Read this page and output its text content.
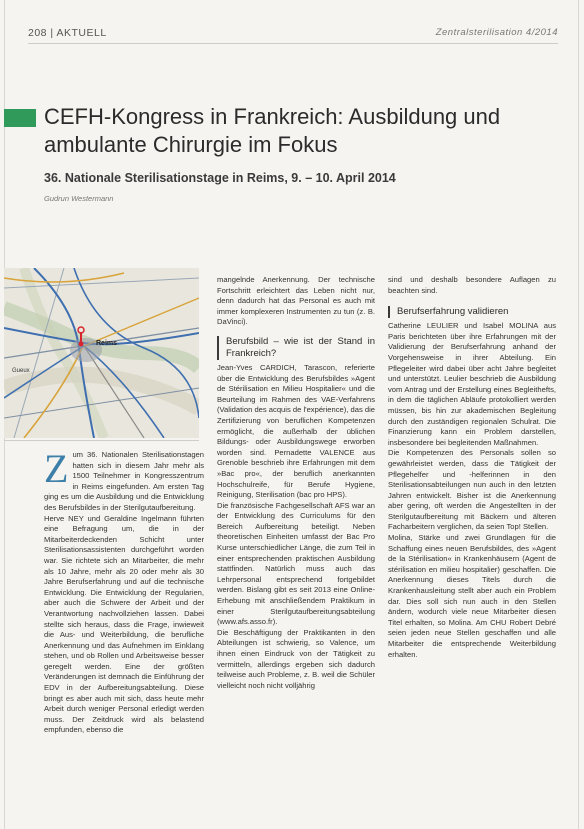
208 | AKTUELL	Zentralsterilisation 4/2014
CEFH-Kongress in Frankreich: Ausbildung und ambulante Chirurgie im Fokus
36. Nationale Sterilisationstage in Reims, 9. – 10. April 2014
Gudrun Westermann
Reims
Gueux
Z um 36. Nationalen Sterilisationstagen hatten sich in diesem Jahr mehr als 1500 Teilnehmer in Kongresszentrum in Reims eingefunden. Am ersten Tag ging es um die Ausbildung und die Entwicklung des Berufsbildes in der Sterilgutaufbereitung.

Herve NEY und Geraldine Ingelmann führten eine Befragung um, die in der Mitarbeiterdeckenden Schicht unter Sterilisationsassistenten durchgeführt worden war. Sie richtete sich an Mitarbeiter, die mehr als 10 Jahre, mehr als 20 oder mehr als 30 Jahre Berufserfahrung und auf die technische Entwicklung. Die Entwicklung der Regularien, aber auch die Schwere der Arbeit und der Verantwortung nachvollziehen lassen. Dabei stellte sich heraus, dass die Frage, inwieweit die Aus- und Weiterbildung, die berufliche Anerkennung und das Aufnehmen im Einklang stehen, und ob Rollen und Arbeitsweise besser geregelt werden. Eine der größten Veränderungen ist demnach die Einführung der EDV in der Aufbereitungsabteilung. Diese bringt es aber auch mit sich, dass heute mehr Arbeit durch weniger Personal erledigt werden muss. Der Zeitdruck wird als belastend empfunden, ebenso die

mangelnde Anerkennung. Der technische Fortschritt erleichtert das Leben nicht nur, denn dadurch hat das Personal es auch mit immer komplexeren Instrumenten zu tun (z. B. DaVinci).

Berufsbild – wie ist der Stand in Frankreich?

Jean-Yves CARDICH, Tarascon, referierte über die Entwicklung des Berufsbildes »Agent de Stérilisation en Milieu Hospitalier« und die Beurteilung im Rahmen des VAE-Verfahrens (Validation des acquis de l'expérience), das die Zertifizierung von beruflichen Kompetenzen ermöglicht, die außerhalb der üblichen Bildungs- oder Ausbildungswege erworben worden sind. Pernadette VALENCE aus Grenoble beschrieb ihre Erfahrungen mit dem »Bac pro«, der beruflich anerkannten Hochschulreife, für Berufe Hygiene, Reinigung, Sterilisation (bac pro HPS).

Die französische Fachgesellschaft AFS war an der Entwicklung des Curriculums für den Bereich Aufbereitung beteiligt. Neben theoretischen Einheiten umfasst der Bac Pro Kurse unterschiedlicher Länge, die zum Teil in einer entsprechenden praktischen Ausbildung stattfinden. Natürlich muss auch das Lehrpersonal entsprechend fortgebildet werden. Bislang gibt es seit 2013 eine Online-Erhebung mit anschließendem Praktikum in einer Sterilgutaufbereitungsabteilung (www.afs.asso.fr).

Die Beschäftigung der Praktikanten in den Abteilungen ist schwierig, so Valence, um ihnen einen Eindruck von der Tätigkeit zu vermitteln, allerdings ergeben sich dadurch teilweise auch Probleme, z. B. weil die Schüler vielleicht noch nicht volljährig

sind und deshalb besondere Auflagen zu beachten sind.

Berufserfahrung validieren

Catherine LEULIER und Isabel MOLINA aus Paris berichteten über ihre Erfahrungen mit der Validierung der Berufserfahrung anhand der Vorgehensweise in ihrer Abteilung. Ein Pflegeleiter wird dabei über acht Jahre begleitet und unterstützt. Leulier beschrieb die Ausbildung vom Antrag und der Erstellung eines Begleithefts, in dem die täglichen Abläufe protokolliert werden müssen, bis hin zur akademischen Begleitung durch den zuständigen regionalen Schulrat. Die Finanzierung kann ein Problem darstellen, insbesondere bei begleitenden Maßnahmen.

Die Kompetenzen des Personals sollen so gewährleistet werden, dass die Tätigkeit der Pflegehelfer und -helferinnen in den Sterilisationsabteilungen nun auch in den letzten Jahren entwickelt. Bisher ist die Anerkennung aber gering, oft werden die Angestellten in der Sterilgutaufbereitung mit Bäckern und älteren Facharbeitern verglichen, da seien Top! Stellen.

Molina, Stärke und zwei Grundlagen für die Schaffung eines neuen Berufsbildes, des »Agent de la Stérilisation« in Krankenhäusern (Agent de stérilisation en milieu hospitalier) geschaffen. Die Anerkennung dieses Titels durch die Krankenhausleitung stellt aber auch ein Problem dar. Dies soll sich nun auch in den Stellen ändern, wodurch viele neue Mitarbeiter diesen Titel erhalten, so Molina. Am CHU Robert Debré seien jeden neue Stellen geschaffen und alle Mitarbeiter die entsprechende Weiterbildung erhalten.
